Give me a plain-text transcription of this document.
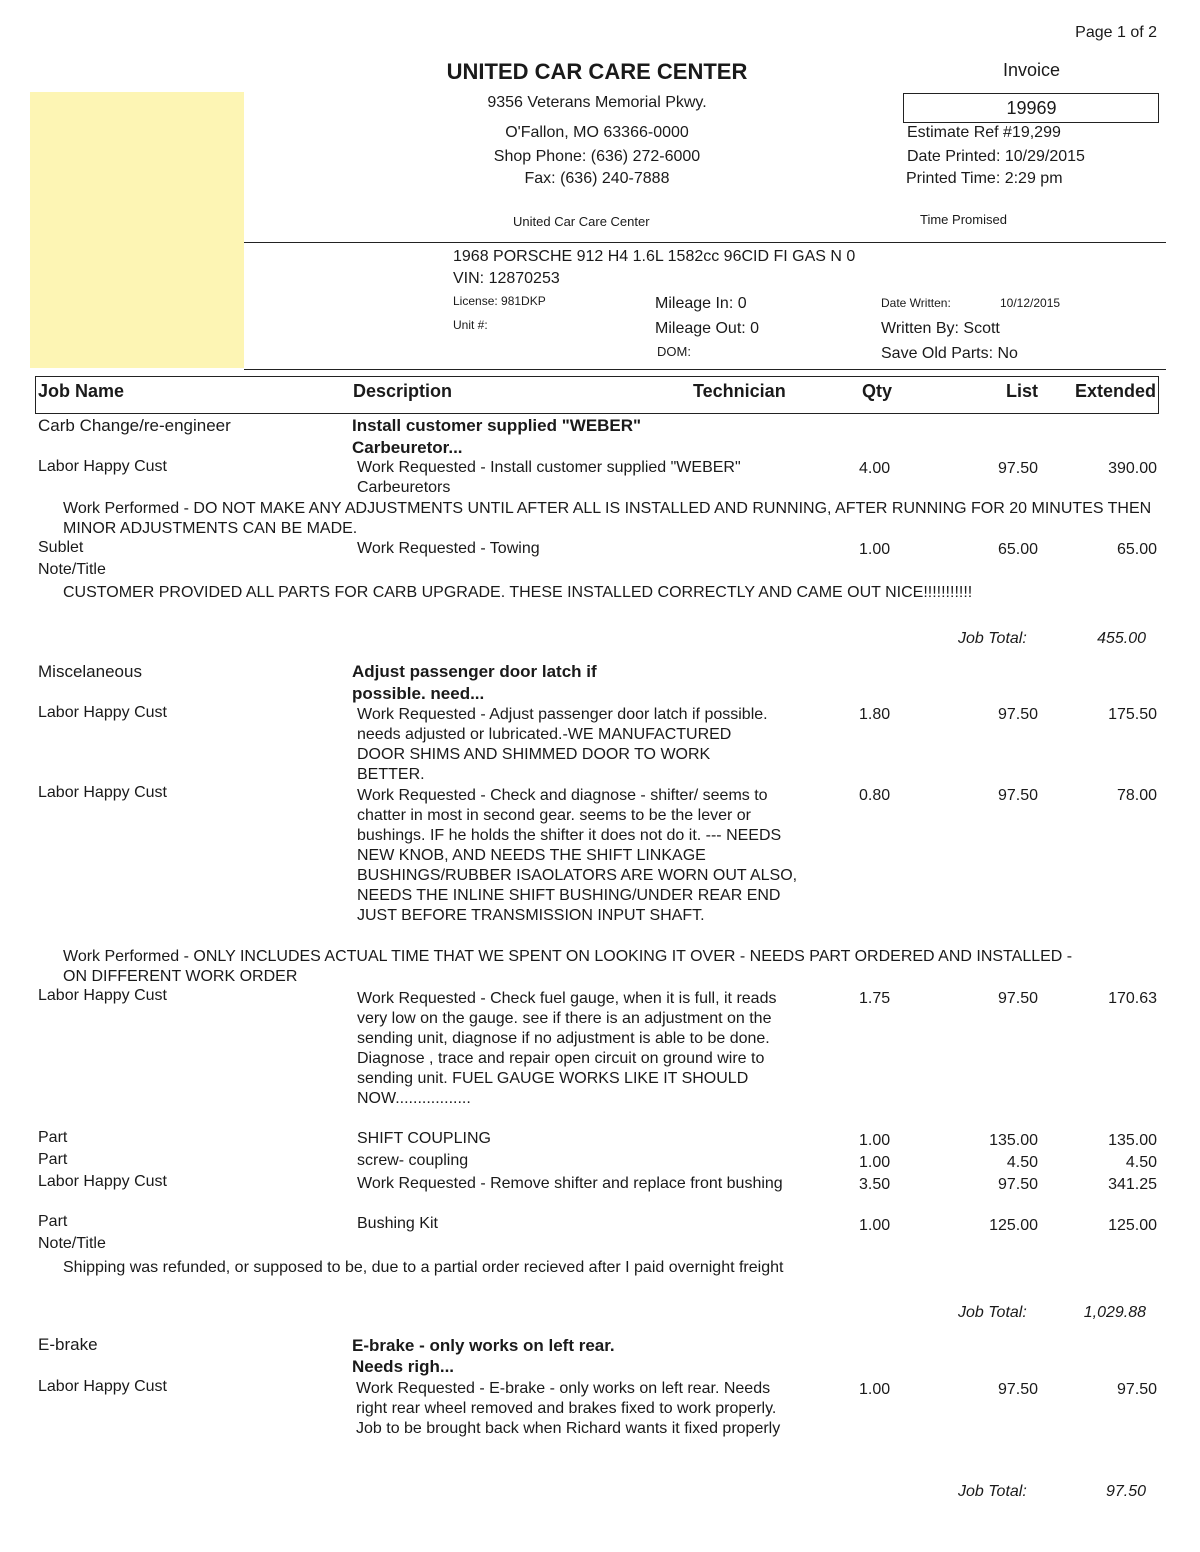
Page 1 of 2
UNITED CAR CARE CENTER
9356 Veterans Memorial Pkwy.
O'Fallon, MO 63366-0000
Shop Phone: (636) 272-6000
Fax: (636) 240-7888
United Car Care Center
Invoice
19969
Estimate Ref #19,299
Date Printed: 10/29/2015
Printed Time: 2:29 pm
Time Promised
1968 PORSCHE 912 H4 1.6L 1582cc 96CID FI GAS N 0
VIN: 12870253
License: 981DKP
Unit #:
Mileage In: 0
Mileage Out: 0
DOM:
Date Written:	10/12/2015
Written By: Scott
Save Old Parts: No
Job Name	Description	Technician	Qty	List Extended
Carb Change/re-engineer	Install customer supplied "WEBER"
Carbeuretor...
Labor Happy Cust	Work Requested - Install customer supplied "WEBER" Carbeuretors
4.00	97.50	390.00
Work Performed - DO NOT MAKE ANY ADJUSTMENTS UNTIL AFTER ALL IS INSTALLED AND RUNNING, AFTER RUNNING FOR 20 MINUTES THEN MINOR ADJUSTMENTS CAN BE MADE.
Sublet	Work Requested - Towing	1.00	65.00	65.00
Note/Title
CUSTOMER PROVIDED ALL PARTS FOR CARB UPGRADE. THESE INSTALLED CORRECTLY AND CAME OUT NICE!!!!!!!!!!!
Job Total:	455.00
Miscelaneous	Adjust passenger door latch if
possible. need...
Labor Happy Cust	Work Requested - Adjust passenger door latch if possible. needs adjusted or lubricated.-WE MANUFACTURED DOOR SHIMS AND SHIMMED DOOR TO WORK BETTER.
1.80	97.50	175.50
Labor Happy Cust	Work Requested - Check and diagnose - shifter/ seems to chatter in most in second gear. seems to be the lever or bushings. IF he holds the shifter it does not do it. --- NEEDS NEW KNOB, AND NEEDS THE SHIFT LINKAGE BUSHINGS/RUBBER ISAOLATORS ARE WORN OUT ALSO, NEEDS THE INLINE SHIFT BUSHING/UNDER REAR END JUST BEFORE TRANSMISSION INPUT SHAFT.
0.80	97.50	78.00
Work Performed - ONLY INCLUDES ACTUAL TIME THAT WE SPENT ON LOOKING IT OVER - NEEDS PART ORDERED AND INSTALLED - ON DIFFERENT WORK ORDER
Labor Happy Cust	Work Requested - Check fuel gauge, when it is full, it reads very low on the gauge. see if there is an adjustment on the sending unit, diagnose if no adjustment is able to be done. Diagnose , trace and repair open circuit on ground wire to sending unit. FUEL GAUGE WORKS LIKE IT SHOULD NOW.................
1.75	97.50	170.63
Part	SHIFT COUPLING	1.00	135.00	135.00
Part	screw- coupling	1.00	4.50	4.50
Labor Happy Cust	Work Requested - Remove shifter and replace front bushing	3.50	97.50	341.25
Part	Bushing Kit	1.00	125.00	125.00
Note/Title
Shipping was refunded, or supposed to be, due to a partial order recieved after I paid overnight freight
Job Total:	1,029.88
E-brake	E-brake - only works on left rear.
Needs righ...
Labor Happy Cust	Work Requested - E-brake - only works on left rear. Needs right rear wheel removed and brakes fixed to work properly. Job to be brought back when Richard wants it fixed properly
1.00	97.50	97.50
Job Total:	97.50
